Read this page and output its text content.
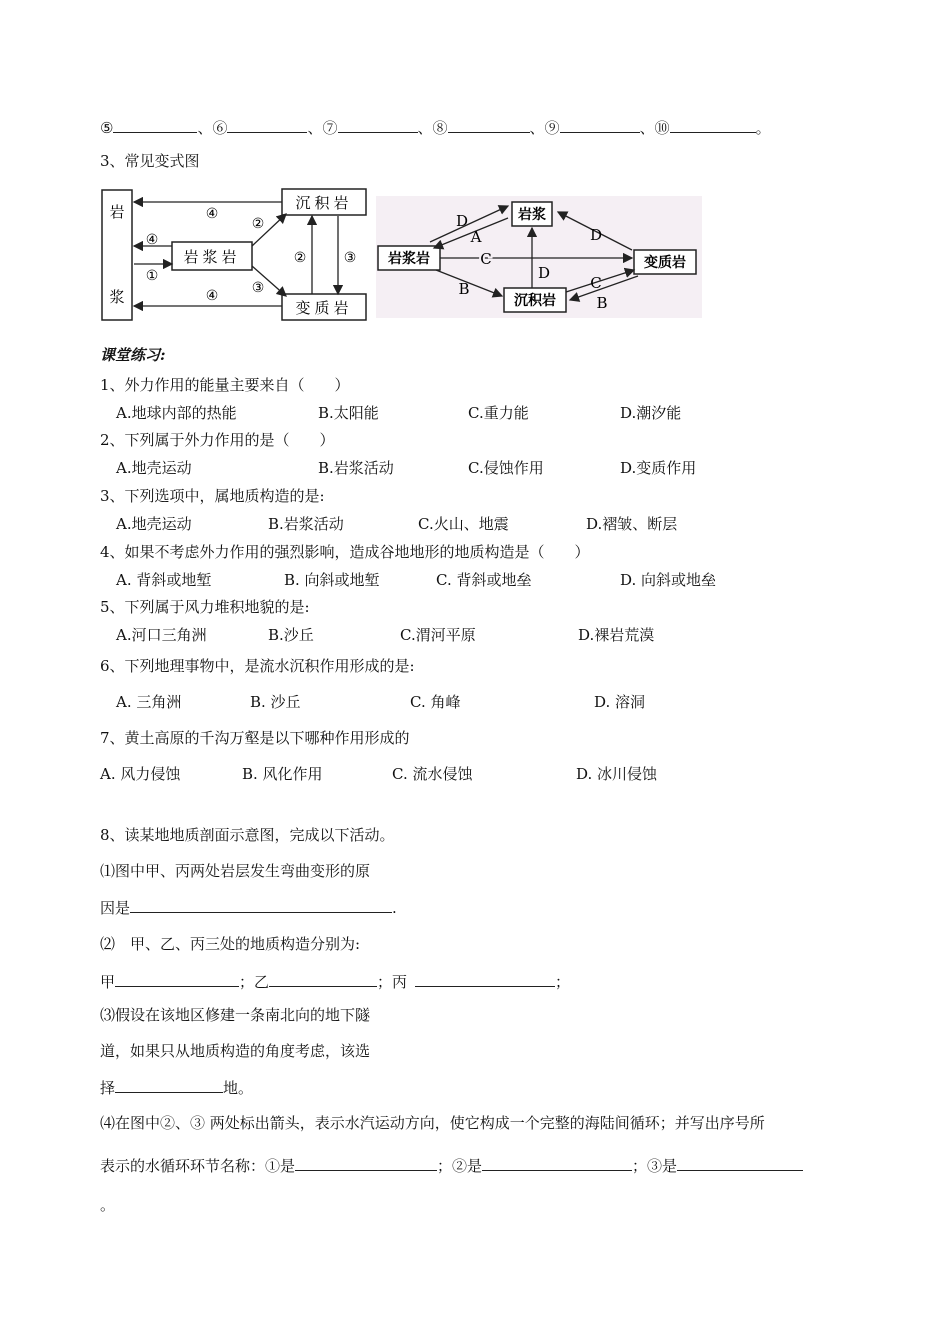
⑤	、⑥	、⑦	、⑧	、⑨	、⑩	。
3、常见变式图
岩
浆
岩浆岩
沉积岩
变质岩
④
④
①
④
②
③
②	③
岩浆
岩浆岩
沉积岩
变质岩
D
A
C
B
D
D
C
B
课堂练习:
1、外力作用的能量主要来自（　　）
A.地球内部的热能	B.太阳能	C.重力能	D.潮汐能
2、下列属于外力作用的是（　　）
A.地壳运动	B.岩浆活动	C.侵蚀作用	D.变质作用
3、下列选项中，属地质构造的是:
A.地壳运动	B.岩浆活动	C.火山、地震	D.褶皱、断层
4、如果不考虑外力作用的强烈影响，造成谷地地形的地质构造是（　　）
A. 背斜或地堑	B. 向斜或地堑	C. 背斜或地垒	D. 向斜或地垒
5、下列属于风力堆积地貌的是:
A.河口三角洲	B.沙丘	C.渭河平原	D.裸岩荒漠
6、下列地理事物中，是流水沉积作用形成的是:
A. 三角洲	B. 沙丘	C. 角峰	D. 溶洞
7、黄土高原的千沟万壑是以下哪种作用形成的
A. 风力侵蚀	B. 风化作用	C. 流水侵蚀	D. 冰川侵蚀
8、读某地地质剖面示意图，完成以下活动。
⑴图中甲、丙两处岩层发生弯曲变形的原
因是	.
⑵　甲、乙、丙三处的地质构造分别为:
甲	；乙	；丙	；
⑶假设在该地区修建一条南北向的地下隧
道，如果只从地质构造的角度考虑，该选
择	地。
⑷在图中②、③ 两处标出箭头，表示水汽运动方向，使它构成一个完整的海陆间循环；并写出序号所
表示的水循环环节名称：①是	；②是	；③是
。
